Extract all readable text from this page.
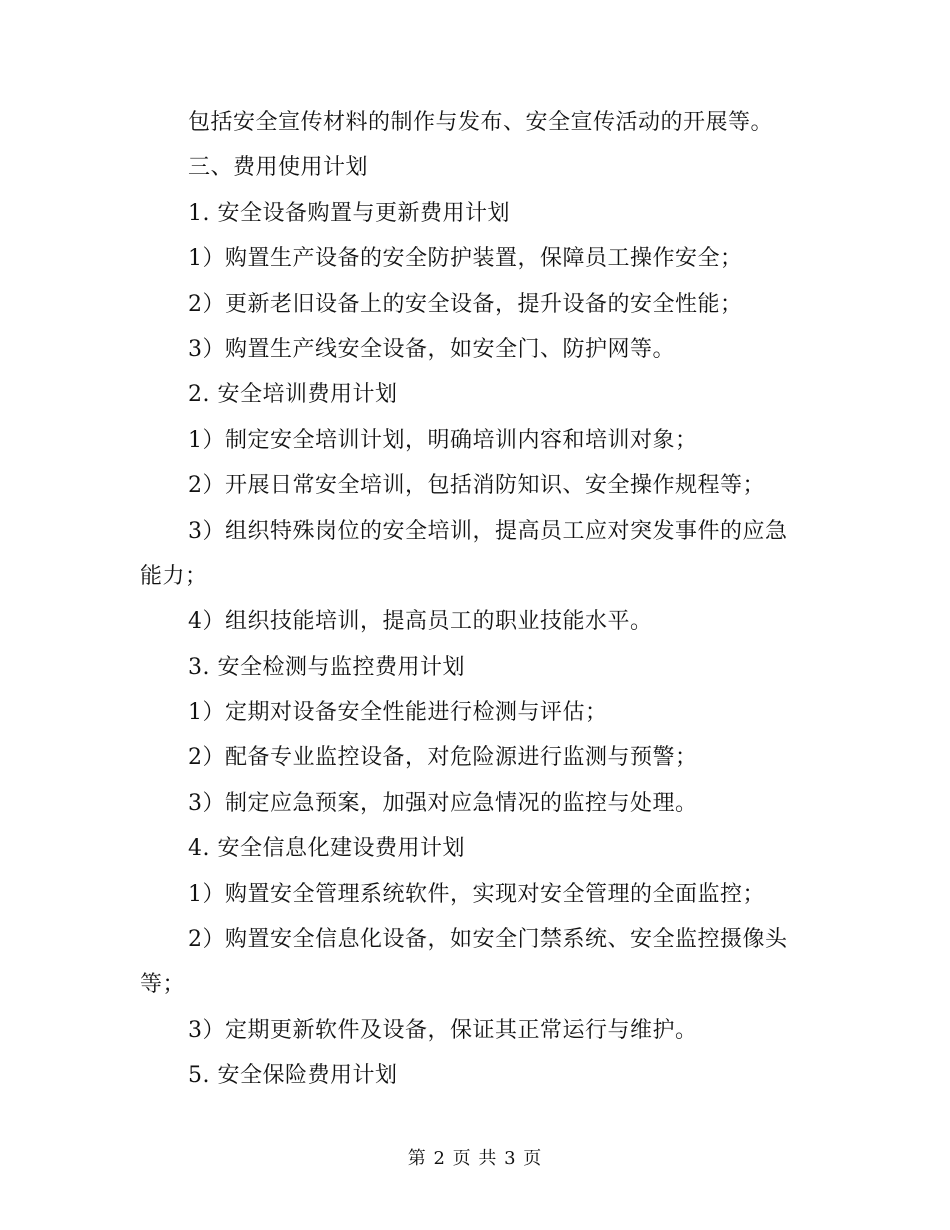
包括安全宣传材料的制作与发布、安全宣传活动的开展等。
三、费用使用计划
1. 安全设备购置与更新费用计划
1）购置生产设备的安全防护装置，保障员工操作安全；
2）更新老旧设备上的安全设备，提升设备的安全性能；
3）购置生产线安全设备，如安全门、防护网等。
2. 安全培训费用计划
1）制定安全培训计划，明确培训内容和培训对象；
2）开展日常安全培训，包括消防知识、安全操作规程等；
3）组织特殊岗位的安全培训，提高员工应对突发事件的应急
能力；
4）组织技能培训，提高员工的职业技能水平。
3. 安全检测与监控费用计划
1）定期对设备安全性能进行检测与评估；
2）配备专业监控设备，对危险源进行监测与预警；
3）制定应急预案，加强对应急情况的监控与处理。
4. 安全信息化建设费用计划
1）购置安全管理系统软件，实现对安全管理的全面监控；
2）购置安全信息化设备，如安全门禁系统、安全监控摄像头
等；
3）定期更新软件及设备，保证其正常运行与维护。
5. 安全保险费用计划
第 2 页 共 3 页
